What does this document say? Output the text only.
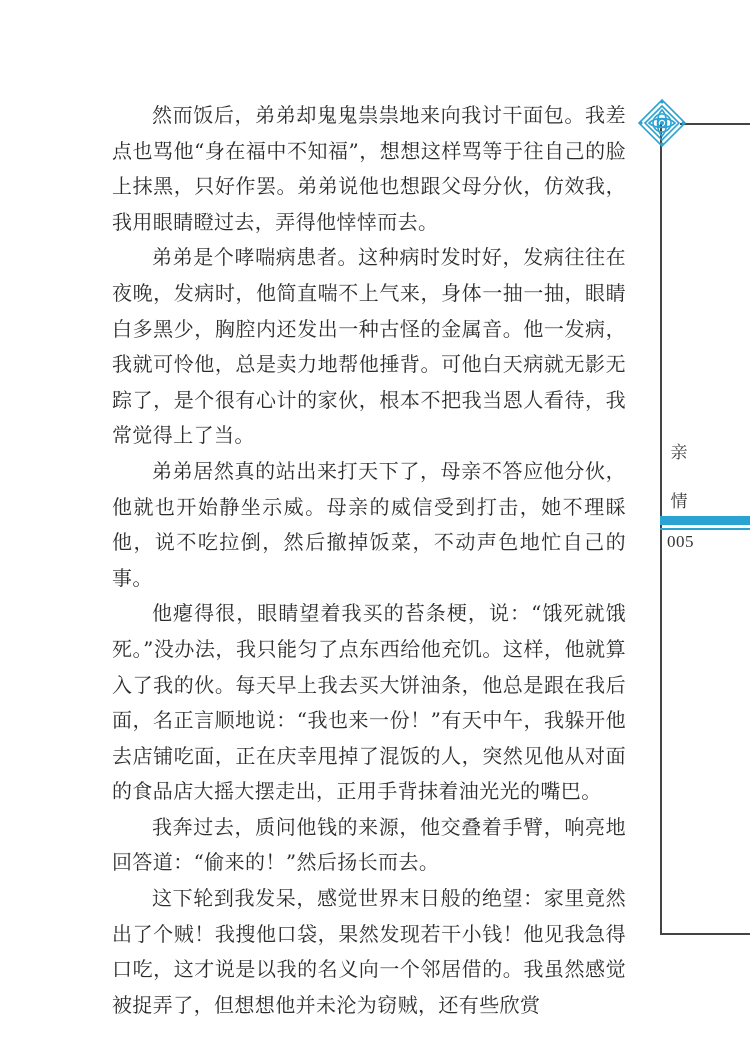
然而饭后，弟弟却鬼鬼祟祟地来向我讨干面包。我差点也骂他“身在福中不知福”，想想这样骂等于往自己的脸上抹黑，只好作罢。弟弟说他也想跟父母分伙，仿效我，我用眼睛瞪过去，弄得他悻悻而去。

弟弟是个哮喘病患者。这种病时发时好，发病往往在夜晚，发病时，他简直喘不上气来，身体一抽一抽，眼睛白多黑少，胸腔内还发出一种古怪的金属音。他一发病，我就可怜他，总是卖力地帮他捶背。可他白天病就无影无踪了，是个很有心计的家伙，根本不把我当恩人看待，我常觉得上了当。

弟弟居然真的站出来打天下了，母亲不答应他分伙，他就也开始静坐示威。母亲的威信受到打击，她不理睬他，说不吃拉倒，然后撤掉饭菜，不动声色地忙自己的事。

他瘪得很，眼睛望着我买的苔条梗，说：“饿死就饿死。”没办法，我只能匀了点东西给他充饥。这样，他就算入了我的伙。每天早上我去买大饼油条，他总是跟在我后面，名正言顺地说：“我也来一份！”有天中午，我躲开他去店铺吃面，正在庆幸甩掉了混饭的人，突然见他从对面的食品店大摇大摆走出，正用手背抹着油光光的嘴巴。

我奔过去，质问他钱的来源，他交叠着手臂，响亮地回答道：“偷来的！”然后扬长而去。

这下轮到我发呆，感觉世界末日般的绝望：家里竟然出了个贼！我搜他口袋，果然发现若干小钱！他见我急得口吃，这才说是以我的名义向一个邻居借的。我虽然感觉被捉弄了，但想想他并未沦为窃贼，还有些欣赏

亲
情
005
